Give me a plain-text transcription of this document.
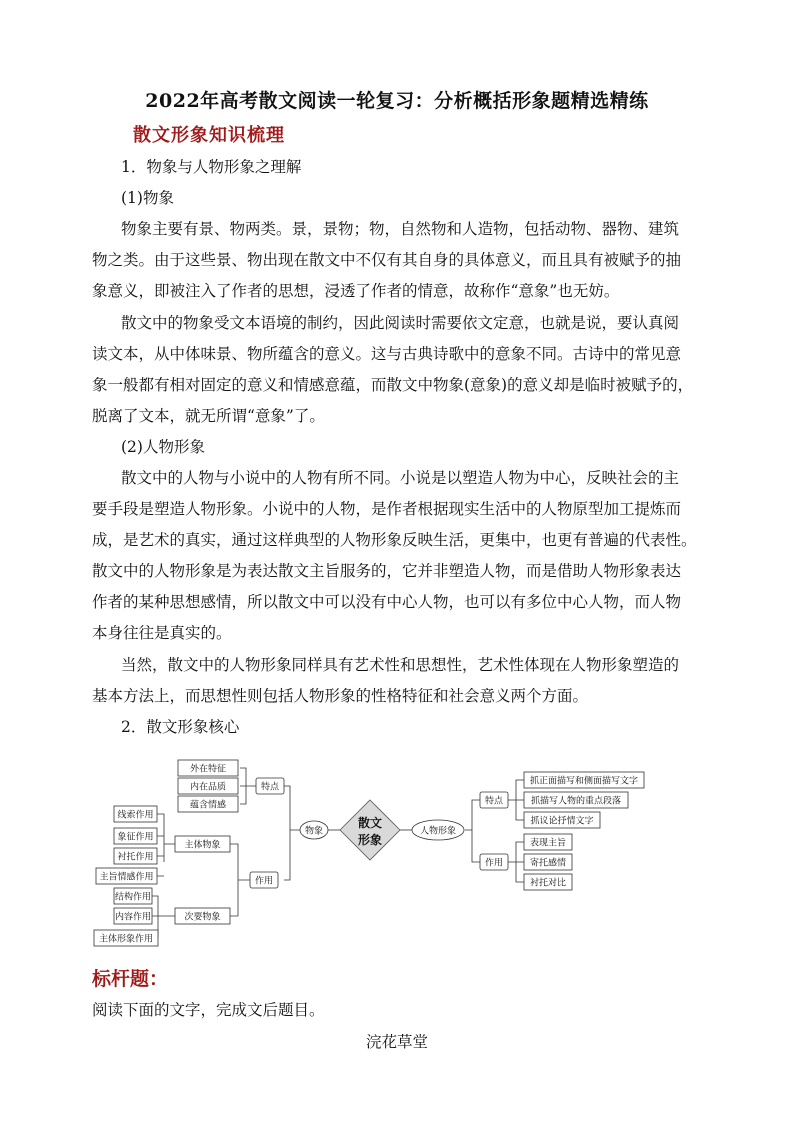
2022年高考散文阅读一轮复习：分析概括形象题精选精练
散文形象知识梳理
1．物象与人物形象之理解
(1)物象
物象主要有景、物两类。景，景物；物，自然物和人造物，包括动物、器物、建筑
物之类。由于这些景、物出现在散文中不仅有其自身的具体意义，而且具有被赋予的抽
象意义，即被注入了作者的思想，浸透了作者的情意，故称作“意象”也无妨。
散文中的物象受文本语境的制约，因此阅读时需要依文定意，也就是说，要认真阅
读文本，从中体味景、物所蕴含的意义。这与古典诗歌中的意象不同。古诗中的常见意
象一般都有相对固定的意义和情感意蕴，而散文中物象(意象)的意义却是临时被赋予的，
脱离了文本，就无所谓“意象”了。
(2)人物形象
散文中的人物与小说中的人物有所不同。小说是以塑造人物为中心，反映社会的主
要手段是塑造人物形象。小说中的人物，是作者根据现实生活中的人物原型加工提炼而
成，是艺术的真实，通过这样典型的人物形象反映生活，更集中，也更有普遍的代表性。
散文中的人物形象是为表达散文主旨服务的，它并非塑造人物，而是借助人物形象表达
作者的某种思想感情，所以散文中可以没有中心人物，也可以有多位中心人物，而人物
本身往往是真实的。
当然，散文中的人物形象同样具有艺术性和思想性，艺术性体现在人物形象塑造的
基本方法上，而思想性则包括人物形象的性格特征和社会意义两个方面。
2．散文形象核心
外在特征
内在品质
蕴含情感
特点
线索作用
象征作用
衬托作用
主旨情感作用
主体物象
结构作用
内容作用
主体形象作用
次要物象
作用
物象
散文
形象
人物形象
特点
作用
抓正面描写和侧面描写文字
抓描写人物的重点段落
抓议论抒情文字
表现主旨
寄托感情
衬托对比
标杆题：
阅读下面的文字，完成文后题目。
浣花草堂
